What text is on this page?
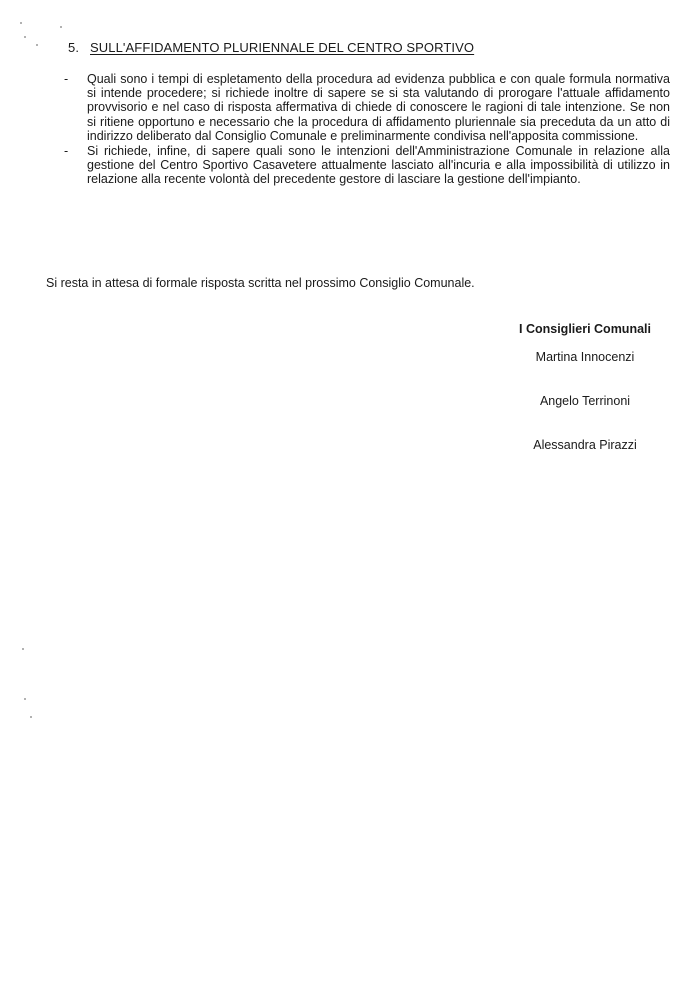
5. SULL'AFFIDAMENTO PLURIENNALE DEL CENTRO SPORTIVO
- Quali sono i tempi di espletamento della procedura ad evidenza pubblica e con quale formula normativa si intende procedere; si richiede inoltre di sapere se si sta valutando di prorogare l'attuale affidamento provvisorio e nel caso di risposta affermativa di chiede di conoscere le ragioni di tale intenzione. Se non si ritiene opportuno e necessario che la procedura di affidamento pluriennale sia preceduta da un atto di indirizzo deliberato dal Consiglio Comunale e preliminarmente condivisa nell'apposita commissione.
- Si richiede, infine, di sapere quali sono le intenzioni dell'Amministrazione Comunale in relazione alla gestione del Centro Sportivo Casavetere attualmente lasciato all'incuria e alla impossibilità di utilizzo in relazione alla recente volontà del precedente gestore di lasciare la gestione dell'impianto.
Si resta in attesa di formale risposta scritta nel prossimo Consiglio Comunale.
I Consiglieri Comunali
Martina Innocenzi
Angelo Terrinoni
Alessandra Pirazzi
